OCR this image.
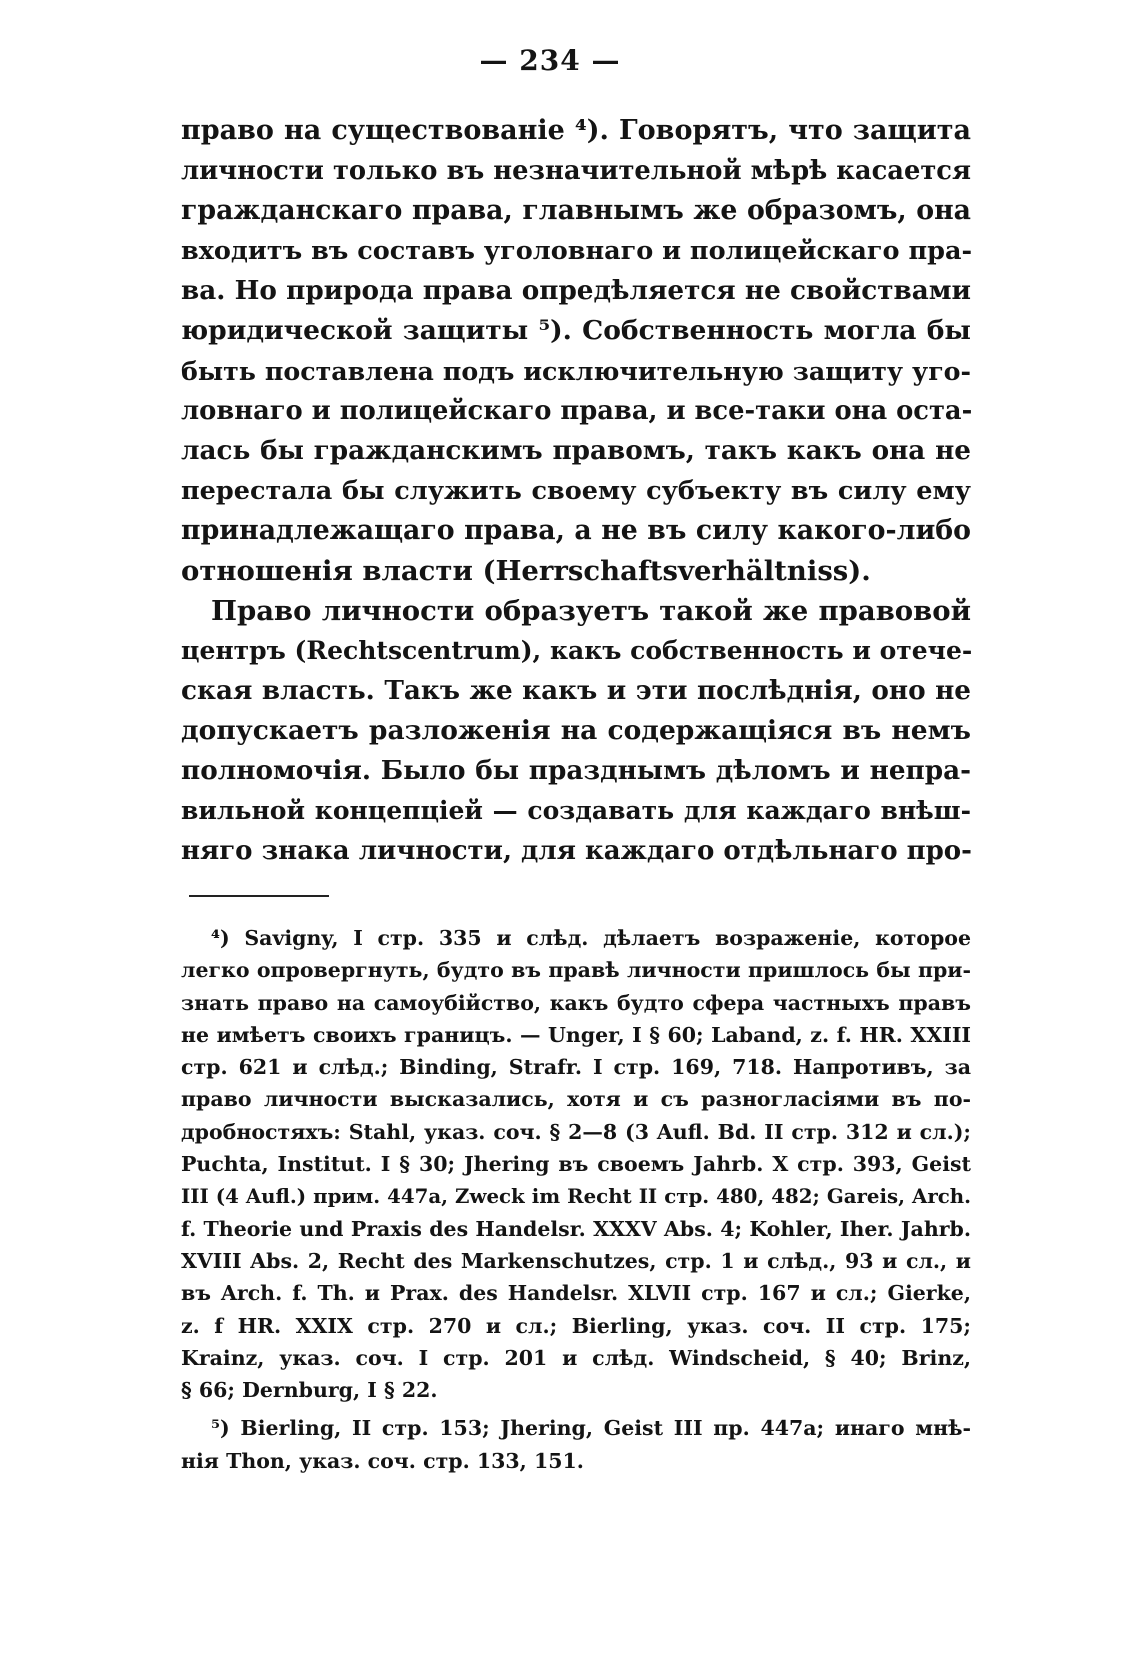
— 234 —
право на существованіе ⁴). Говорятъ, что защита
личности только въ незначительной мѣрѣ касается
гражданскаго права, главнымъ же образомъ, она
входитъ въ составъ уголовнаго и полицейскаго пра-
ва. Но природа права опредѣляется не свойствами
юридической защиты ⁵). Собственность могла бы
быть поставлена подъ исключительную защиту уго-
ловнаго и полицейскаго права, и все-таки она оста-
лась бы гражданскимъ правомъ, такъ какъ она не
перестала бы служить своему субъекту въ силу ему
принадлежащаго права, а не въ силу какого-либо
отношенія власти (Herrschaftsverhältniss).
Право личности образуетъ такой же правовой
центръ (Rechtscentrum), какъ собственность и отече-
ская власть. Такъ же какъ и эти послѣднія, оно не
допускаетъ разложенія на содержащіяся въ немъ
полномочія. Было бы празднымъ дѣломъ и непра-
вильной концепціей — создавать для каждаго внѣш-
няго знака личности, для каждаго отдѣльнаго про-
⁴) Savigny, I стр. 335 и слѣд. дѣлаетъ возраженіе, которое
легко опровергнуть, будто въ правѣ личности пришлось бы при-
знать право на самоубійство, какъ будто сфера частныхъ правъ
не имѣетъ своихъ границъ. — Unger, I § 60; Laband, z. f. HR. XXIII
стр. 621 и слѣд.; Binding, Strafr. I стр. 169, 718. Напротивъ, за
право личности высказались, хотя и съ разногласіями въ по-
дробностяхъ: Stahl, указ. соч. § 2—8 (3 Aufl. Bd. II стр. 312 и сл.);
Puchta, Institut. I § 30; Jhering въ своемъ Jahrb. X стр. 393, Geist
III (4 Aufl.) прим. 447a, Zweck im Recht II стр. 480, 482; Gareis, Arch.
f. Theorie und Praxis des Handelsr. XXXV Abs. 4; Kohler, Iher. Jahrb.
XVIII Abs. 2, Recht des Markenschutzes, стр. 1 и слѣд., 93 и сл., и
въ Arch. f. Th. и Prax. des Handelsr. XLVII стр. 167 и сл.; Gierke,
z. f HR. XXIX стр. 270 и сл.; Bierling, указ. соч. II стр. 175;
Krainz, указ. соч. I стр. 201 и слѣд. Windscheid, § 40; Brinz,
§ 66; Dernburg, I § 22.
⁵) Bierling, II стр. 153; Jhering, Geist III пр. 447a; инаго мнѣ-
нія Thon, указ. соч. стр. 133, 151.
